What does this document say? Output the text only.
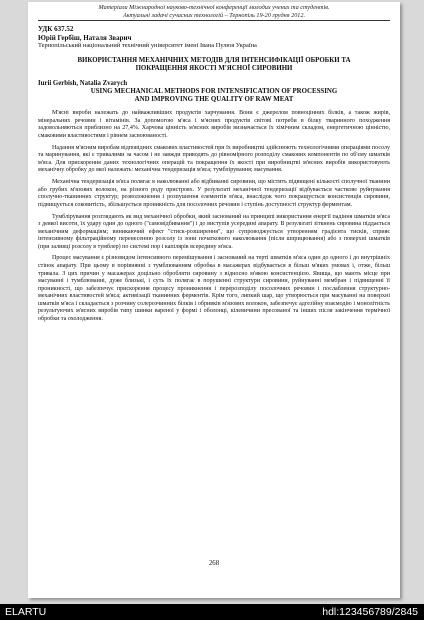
Матеріали Міжнародної науково-технічної конференції молодих учених та студентів.
Актуальні задачі сучасних технологій – Тернопіль 19-20 грудня 2012.
УДК 637.52
Юрій Гербіш, Наталя Зварич
Тернопільський національний технічний університет імені Івана Пулюя Україна
ВИКОРИСТАННЯ МЕХАНІЧНИХ МЕТОДІВ ДЛЯ ІНТЕНСИФІКАЦІЇ ОБРОБКИ ТА
ПОКРАЩЕННЯ ЯКОСТІ М'ЯСНОЇ СИРОВИНИ
Iurii Gerbish, Natalia Zvarych
USING MECHANICAL METHODS FOR INTENSIFICATION OF PROCESSING
AND IMPROVING THE QUALITY OF RAW MEAT

М'ясні вироби належать до найважливіших продуктів харчування. Вони є джерелом повноцінних білків, а також жирів, мінеральних речовин і вітамінів. За допомогою м'яса і м'ясних продуктів світові потреби в білку тваринного походження задовольняються приблизно на 27,4%. Харчова цінність м'ясних виробів визначається їх хімічним складом, енергетичною цінністю, смаковими властивостями і рівнем засвоюваності.

Надання м'ясним виробам відповідних смакових властивостей при їх виробництві здійснюють технологічними операціями посолу та маринування, які є тривалими за часом і не завжди приводять до рівномірного розподілу смакових компонентів по об'єму шматків м'яса. Для прискорення даних технологічних операцій та покращення їх якості при виробництві м'ясних виробів використовують механічну обробку до якої належать: механічна тендеризація м'яса; тумблірування; масування.

Механічна тендеризація м'яса полягає в наколюванні або відбиванні сировини, що містить підвищені кількості сполучної тканини або грубих м'язових волокон, на різного роду пристроях. У результаті механічної тендеризації відбувається часткове руйнування сполучно-тканинних структур; розволокнення і розпушення елементів м'яса, внаслідок чого покращується консистенція сировини, підвищується соковитість, збільшується проникність для посолочних речовин і ступінь доступності структур ферментам.

Тумблірування розглядають як вид механічної обробки, який заснований на принципі використання енергії падіння шматків м'яса з деякої висоти, їх удару один до одного ("самовідбивання") і до виступів усередині апарату. В результаті зіткнень сировина піддається механічним деформаціям; виникаючий ефект "стиск-розширення", що супроводжується утворенням градієнта тисків, сприяє інтенсивному фільтраційному перенесенню розсолу із зони початкового наколювання (після шприцювання) або з поверхні шматків (при заливці розсолу в тумблер) по системі пор і капілярів всередину м'яса.

Процес масування є різновидом інтенсивного перемішування і заснований на терті шматків м'яса один до одного і до внутрішніх стінок апарату. При цьому в порівнянні з тумблюванням обробка в масажерах відбувається в більш м'яких умовах і, отже, більш тривала. З цих причин у масажерах доцільно обробляти сировину з відносно м'якою консистенцією. Явища, що мають місце при масуванні і тумблюванні, дуже близькі, і суть їх полягає в порушенні структури сировини, руйнуванні мембран і підвищенні її проникності, що забезпечує прискорення процесу проникнення і перерозподілу посолочних речовин і послаблення структурно-механічних властивостей м'яса; активізації тканинних ферментів. Крім того, липкий шар, що утворюється при масуванні на поверхні шматків м'яса і складається з розчину солерозчинних білків і обривків м'язових волокон, забезпечує адгезійну взаємодію і монолітність результуючих м'ясних виробів типу шинки вареної у формі і оболонці, кілевичини пресованої та інших після закінчення термічної обробки та охолодження.

268
ELARTU	hdl:123456789/2845
